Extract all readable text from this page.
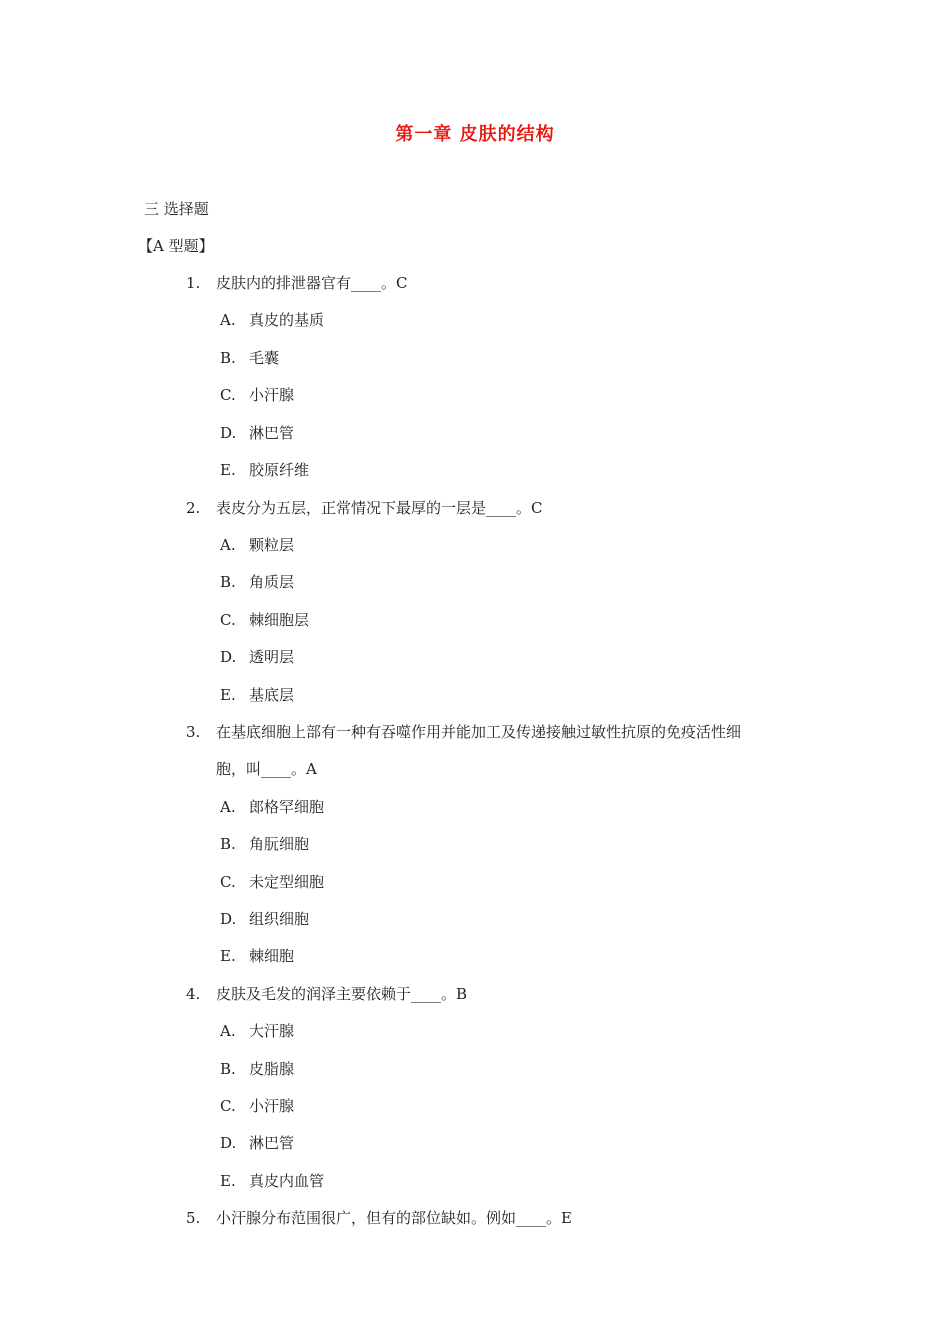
第一章 皮肤的结构
三 选择题
【A 型题】
1. 皮肤内的排泄器官有____。C
A. 真皮的基质
B. 毛囊
C. 小汗腺
D. 淋巴管
E. 胶原纤维
2. 表皮分为五层，正常情况下最厚的一层是____。C
A. 颗粒层
B. 角质层
C. 棘细胞层
D. 透明层
E. 基底层
3. 在基底细胞上部有一种有吞噬作用并能加工及传递接触过敏性抗原的免疫活性细
胞，叫____。A
A. 郎格罕细胞
B. 角朊细胞
C. 未定型细胞
D. 组织细胞
E. 棘细胞
4. 皮肤及毛发的润泽主要依赖于____。B
A. 大汗腺
B. 皮脂腺
C. 小汗腺
D. 淋巴管
E. 真皮内血管
5. 小汗腺分布范围很广，但有的部位缺如。例如____。E
